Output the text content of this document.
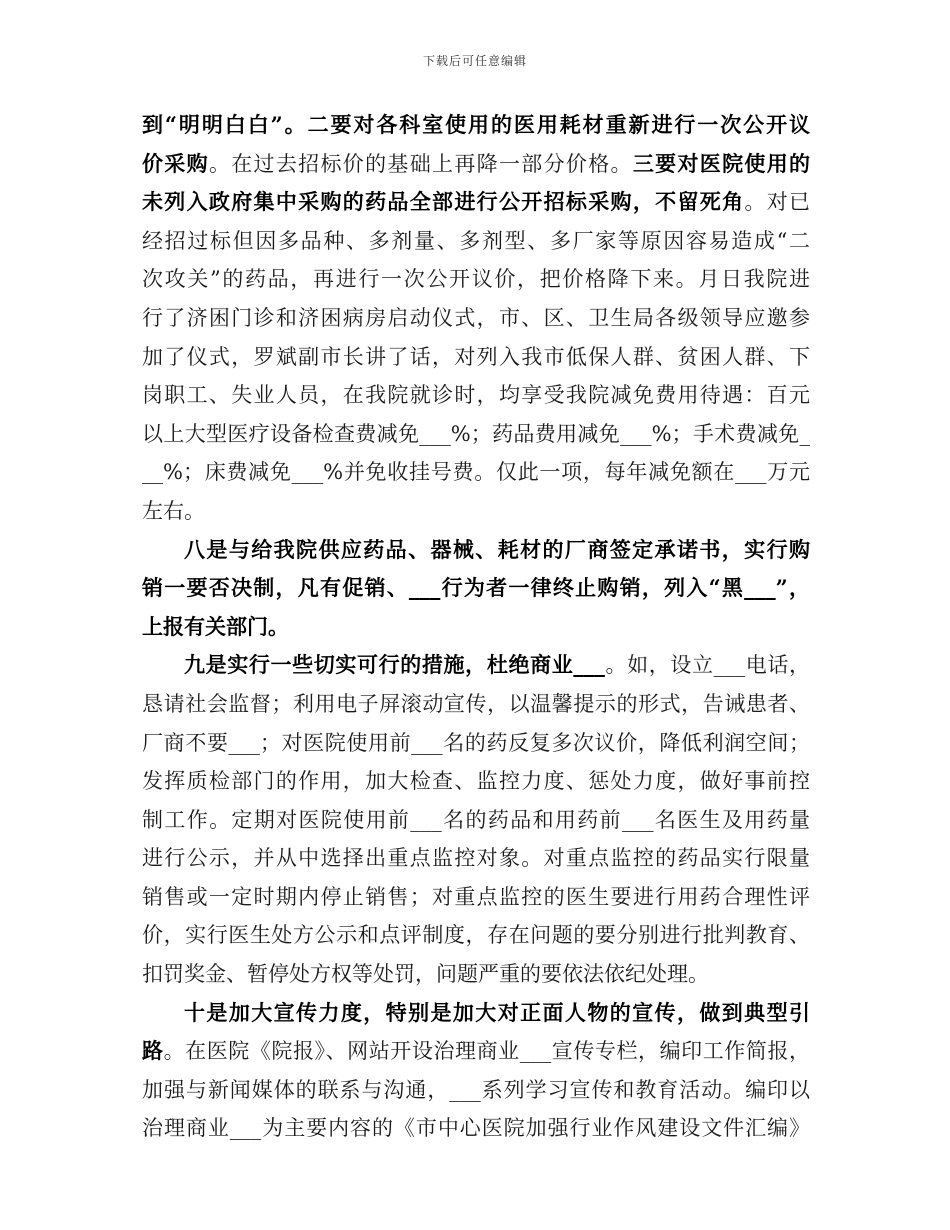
下载后可任意编辑
到“明明白白”。二要对各科室使用的医用耗材重新进行一次公开议
价采购。在过去招标价的基础上再降一部分价格。三要对医院使用的
未列入政府集中采购的药品全部进行公开招标采购，不留死角。对已
经招过标但因多品种、多剂量、多剂型、多厂家等原因容易造成“二
次攻关”的药品，再进行一次公开议价，把价格降下来。月日我院进
行了济困门诊和济困病房启动仪式，市、区、卫生局各级领导应邀参
加了仪式，罗斌副市长讲了话，对列入我市低保人群、贫困人群、下
岗职工、失业人员，在我院就诊时，均享受我院减免费用待遇：百元
以上大型医疗设备检查费减免___%；药品费用减免___%；手术费减免_
__%；床费减免___%并免收挂号费。仅此一项，每年减免额在___万元
左右。
八是与给我院供应药品、器械、耗材的厂商签定承诺书，实行购
销一要否决制，凡有促销、___行为者一律终止购销，列入“黑___”，
上报有关部门。
九是实行一些切实可行的措施，杜绝商业___。如，设立___电话，
恳请社会监督；利用电子屏滚动宣传，以温馨提示的形式，告诫患者、
厂商不要___；对医院使用前___名的药反复多次议价，降低利润空间；
发挥质检部门的作用，加大检查、监控力度、惩处力度，做好事前控
制工作。定期对医院使用前___名的药品和用药前___名医生及用药量
进行公示，并从中选择出重点监控对象。对重点监控的药品实行限量
销售或一定时期内停止销售；对重点监控的医生要进行用药合理性评
价，实行医生处方公示和点评制度，存在问题的要分别进行批判教育、
扣罚奖金、暂停处方权等处罚，问题严重的要依法依纪处理。
十是加大宣传力度，特别是加大对正面人物的宣传，做到典型引
路。在医院《院报》、网站开设治理商业___宣传专栏，编印工作简报，
加强与新闻媒体的联系与沟通，___系列学习宣传和教育活动。编印以
治理商业___为主要内容的《市中心医院加强行业作风建设文件汇编》
